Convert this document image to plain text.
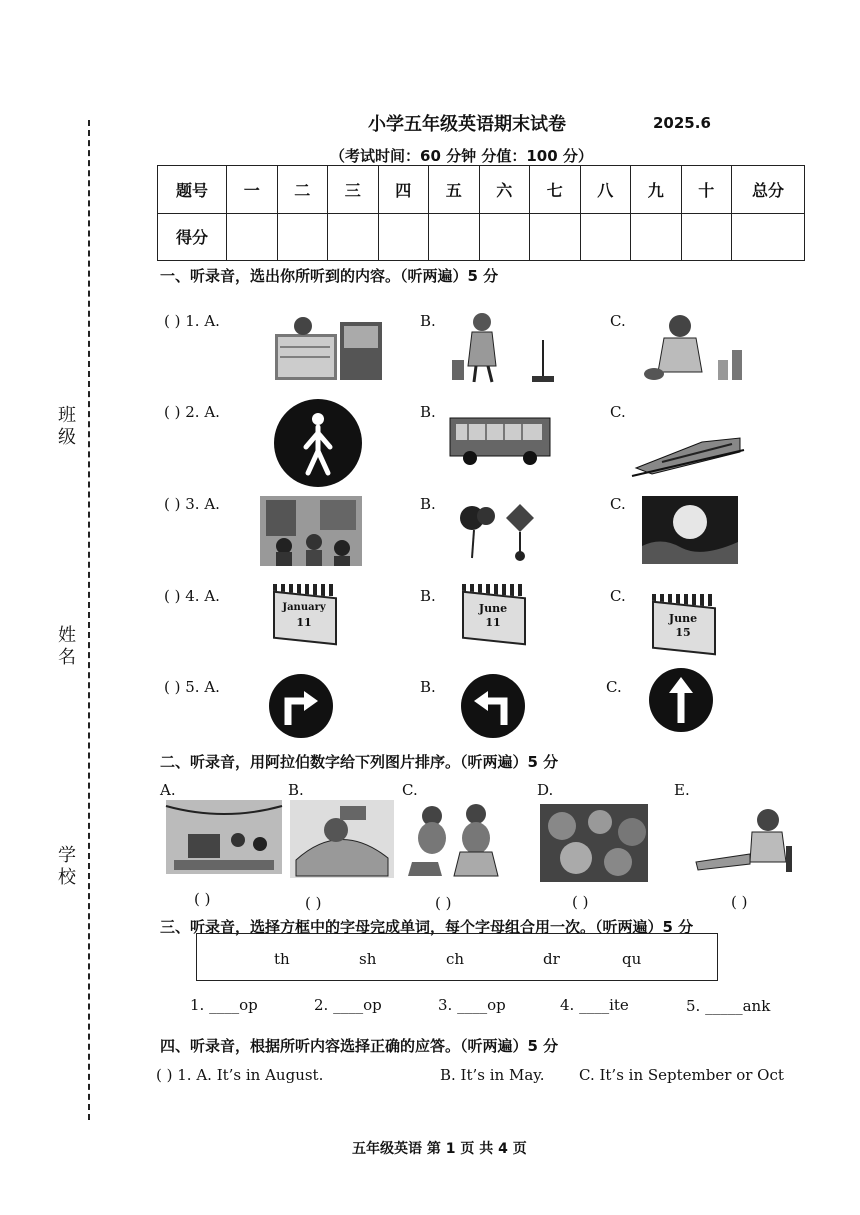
班级
姓名
学校
小学五年级英语期末试卷	2025.6
（考试时间：60 分钟 分值：100 分）
题号	一	二	三	四	五	六	七	八	九	十	总分
得分											
一、听录音，选出你所听到的内容。（听两遍）5 分
( ) 1. A.	B.	C.
( ) 2. A.	B.	C.
( ) 3. A.	B.	C.
( ) 4. A.	B.	C.
January
11
June
11	June
15
( ) 5. A.	B.	C.
二、听录音，用阿拉伯数字给下列图片排序。（听两遍）5 分
A.	B.	C.	D.	E.
( )	( )	( )	( )	( )
三、听录音，选择方框中的字母完成单词，每个字母组合用一次。（听两遍）5 分
th	sh	ch	dr	qu
1. ____op	2. ____op	3. ____op	4. ____ite	5. _____ank
四、听录音，根据所听内容选择正确的应答。（听两遍）5 分
( ) 1. A. It’s in August.	B. It’s in May. C. It’s in September or Oct
五年级英语 第 1 页 共 4 页
